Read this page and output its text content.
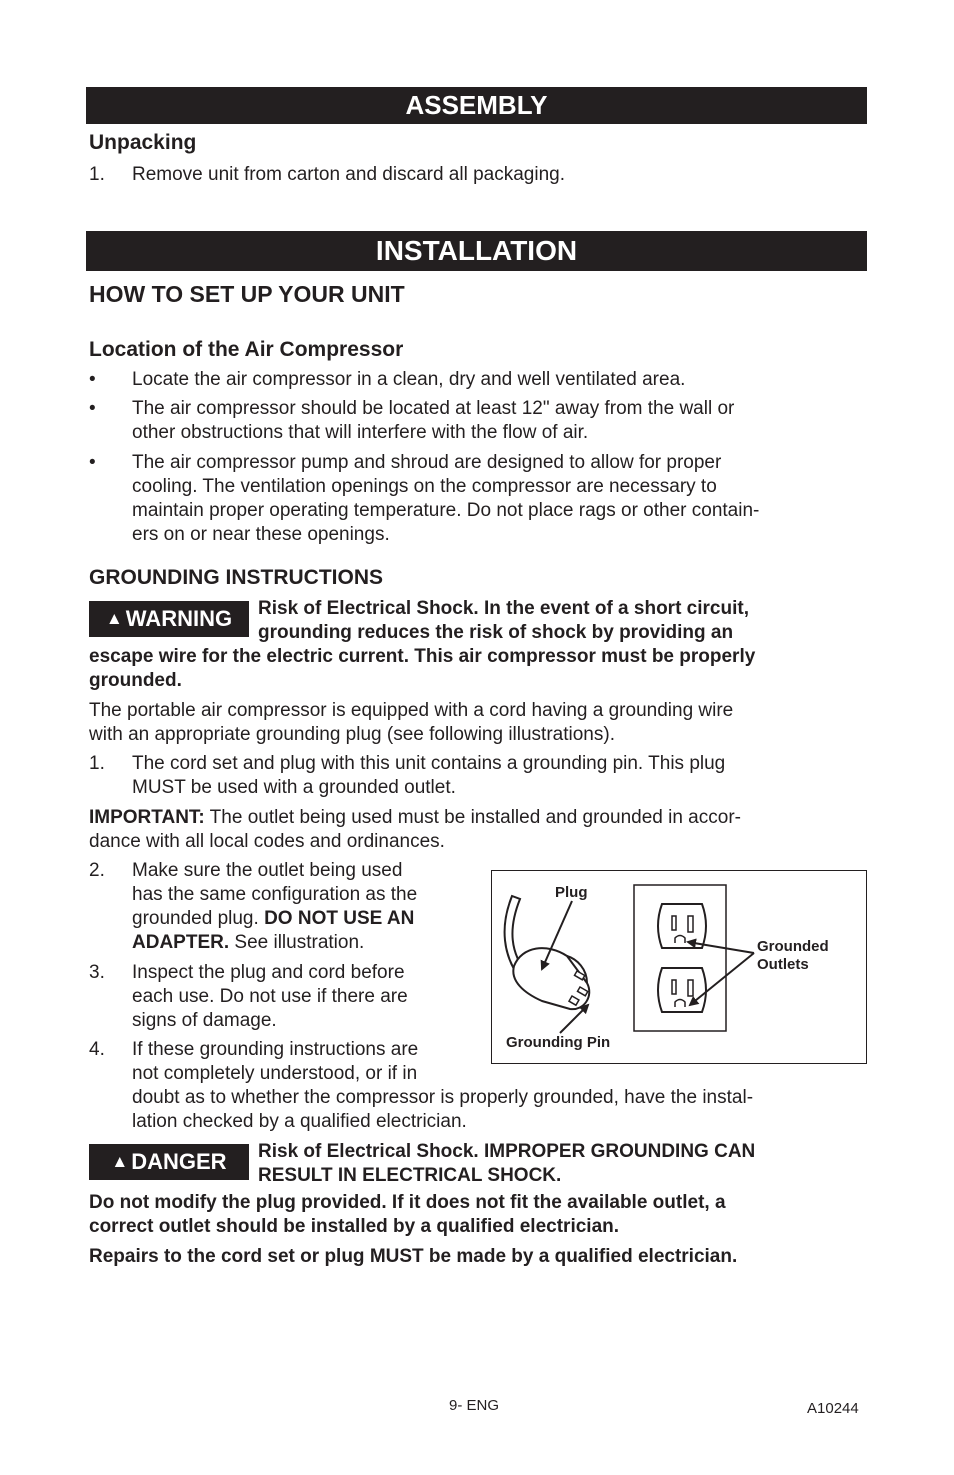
ASSEMBLY
Unpacking
1. Remove unit from carton and discard all packaging.
INSTALLATION
HOW TO SET UP YOUR UNIT
Location of the Air Compressor
• Locate the air compressor in a clean, dry and well ventilated area.
• The air compressor should be located at least 12" away from the wall or
other obstructions that will interfere with the flow of air.
• The air compressor pump and shroud are designed to allow for proper
cooling. The ventilation openings on the compressor are necessary to
maintain proper operating temperature. Do not place rags or other contain-
ers on or near these openings.
GROUNDING INSTRUCTIONS
▲ WARNING Risk of Electrical Shock. In the event of a short circuit,
grounding reduces the risk of shock by providing an
escape wire for the electric current. This air compressor must be properly
grounded.
The portable air compressor is equipped with a cord having a grounding wire
with an appropriate grounding plug (see following illustrations).
1. The cord set and plug with this unit contains a grounding pin. This plug
MUST be used with a grounded outlet.
IMPORTANT: The outlet being used must be installed and grounded in accor-
dance with all local codes and ordinances.
2. Make sure the outlet being used
has the same configuration as the
grounded plug. DO NOT USE AN
ADAPTER. See illustration.
3. Inspect the plug and cord before
each use. Do not use if there are
signs of damage.
4. If these grounding instructions are
not completely understood, or if in
doubt as to whether the compressor is properly grounded, have the instal-
lation checked by a qualified electrician.
Plug
Grounding Pin
Grounded
Outlets
▲ DANGER Risk of Electrical Shock. IMPROPER GROUNDING CAN
RESULT IN ELECTRICAL SHOCK.
Do not modify the plug provided. If it does not fit the available outlet, a
correct outlet should be installed by a qualified electrician.
Repairs to the cord set or plug MUST be made by a qualified electrician.
9- ENG	A10244
